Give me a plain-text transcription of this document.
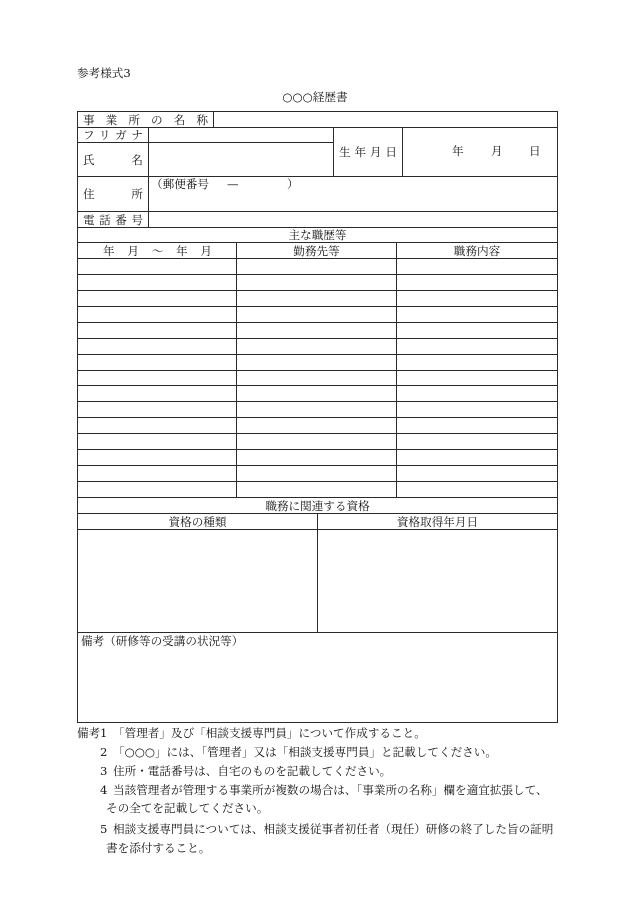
参考様式3
○○○経歴書
事業所の名称
フリガナ
氏名
生年月日	年 月 日
住所
（郵便番号 —	）
電話番号
主な職歴等
年月～年月	勤務先等	職務内容
職務に関連する資格
資格の種類	資格取得年月日
備考（研修等の受講の状況等）
備考 1 「管理者」及び「相談支援専門員」について作成すること。
2 「○○○」には、「管理者」又は「相談支援専門員」と記載してください。
3 住所・電話番号は、自宅のものを記載してください。
4 当該管理者が管理する事業所が複数の場合は、「事業所の名称」欄を適宜拡張して、
その全てを記載してください。
5 相談支援専門員については、相談支援従事者初任者（現任）研修の終了した旨の証明
書を添付すること。
